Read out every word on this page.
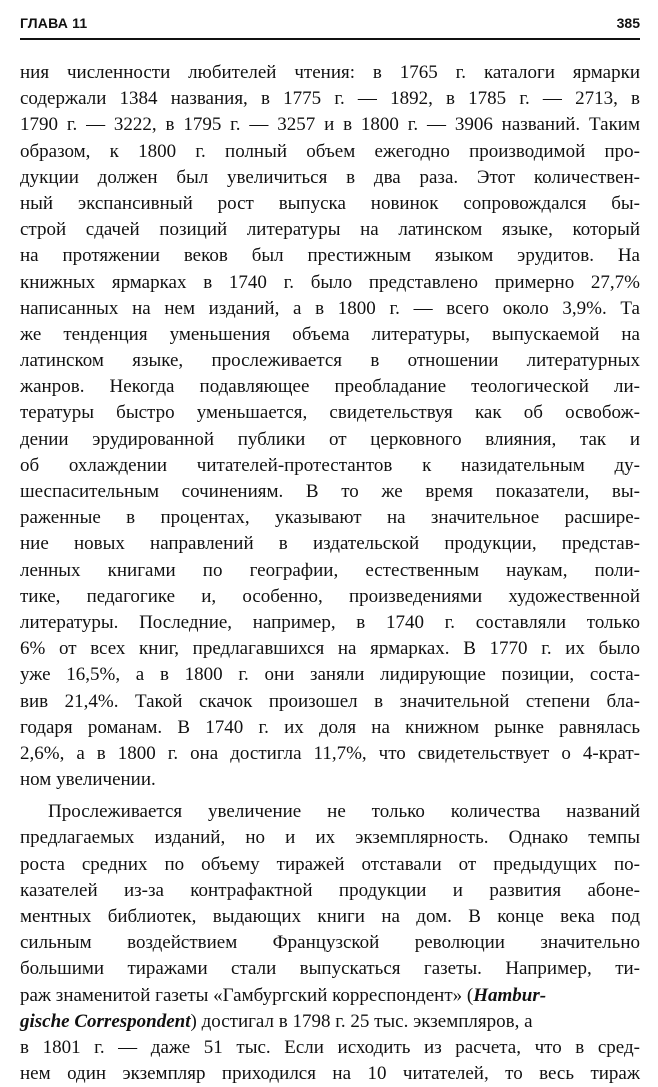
ГЛАВА 11	385
ния численности любителей чтения: в 1765 г. каталоги ярмарки
содержали 1384 названия, в 1775 г. — 1892, в 1785 г. — 2713, в
1790 г. — 3222, в 1795 г. — 3257 и в 1800 г. — 3906 названий. Таким
образом, к 1800 г. полный объем ежегодно производимой про-
дукции должен был увеличиться в два раза. Этот количествен-
ный экспансивный рост выпуска новинок сопровождался бы-
строй сдачей позиций литературы на латинском языке, который
на протяжении веков был престижным языком эрудитов. На
книжных ярмарках в 1740 г. было представлено примерно 27,7%
написанных на нем изданий, а в 1800 г. — всего около 3,9%. Та
же тенденция уменьшения объема литературы, выпускаемой на
латинском языке, прослеживается в отношении литературных
жанров. Некогда подавляющее преобладание теологической ли-
тературы быстро уменьшается, свидетельствуя как об освобож-
дении эрудированной публики от церковного влияния, так и
об охлаждении читателей-протестантов к назидательным ду-
шеспасительным сочинениям. В то же время показатели, вы-
раженные в процентах, указывают на значительное расшире-
ние новых направлений в издательской продукции, представ-
ленных книгами по географии, естественным наукам, поли-
тике, педагогике и, особенно, произведениями художественной
литературы. Последние, например, в 1740 г. составляли только
6% от всех книг, предлагавшихся на ярмарках. В 1770 г. их было
уже 16,5%, а в 1800 г. они заняли лидирующие позиции, соста-
вив 21,4%. Такой скачок произошел в значительной степени бла-
годаря романам. В 1740 г. их доля на книжном рынке равнялась
2,6%, а в 1800 г. она достигла 11,7%, что свидетельствует о 4-крат-
ном увеличении.
Прослеживается увеличение не только количества названий
предлагаемых изданий, но и их экземплярность. Однако темпы
роста средних по объему тиражей отставали от предыдущих по-
казателей из-за контрафактной продукции и развития абоне-
ментных библиотек, выдающих книги на дом. В конце века под
сильным воздействием Французской революции значительно
большими тиражами стали выпускаться газеты. Например, ти-
раж знаменитой газеты «Гамбургский корреспондент» (Hambur-
gische Correspondent) достигал в 1798 г. 25 тыс. экземпляров, а
в 1801 г. — даже 51 тыс. Если исходить из расчета, что в сред-
нем один экземпляр приходился на 10 читателей, то весь тираж
